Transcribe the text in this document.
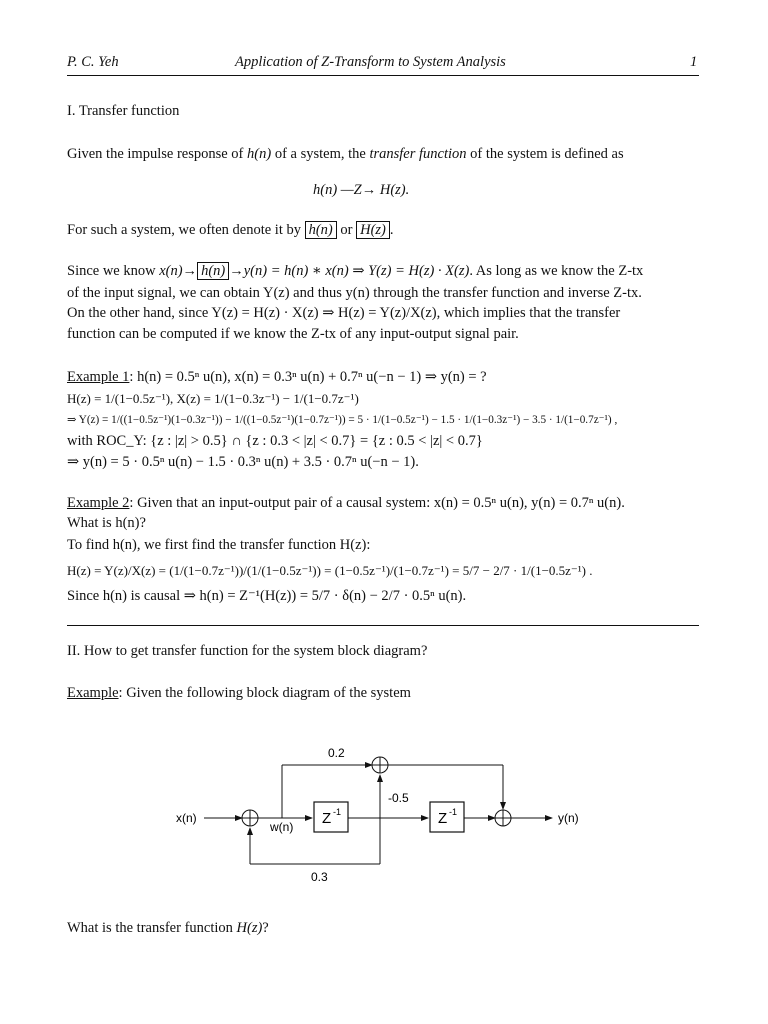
P. C. Yeh	Application of Z-Transform to System Analysis	1
I. Transfer function
Given the impulse response of h(n) of a system, the transfer function of the system is defined as
h(n) —Z→ H(z).
For such a system, we often denote it by h(n) or H(z) .
Since we know x(n)→ h(n) →y(n) = h(n) ∗ x(n) ⇒ Y(z) = H(z) · X(z). As long as we know the Z-tx
of the input signal, we can obtain Y(z) and thus y(n) through the transfer function and inverse Z-tx.
On the other hand, since Y(z) = H(z) · X(z) ⇒ H(z) = Y(z)/X(z), which implies that the transfer
function can be computed if we know the Z-tx of any input-output signal pair.
Example 1: h(n) = 0.5ⁿ u(n), x(n) = 0.3ⁿ u(n) + 0.7ⁿ u(−n − 1) ⇒ y(n) = ?
H(z) = 1/(1−0.5z⁻¹), X(z) = 1/(1−0.3z⁻¹) − 1/(1−0.7z⁻¹)
⇒ Y(z) = 1/((1−0.5z⁻¹)(1−0.3z⁻¹)) − 1/((1−0.5z⁻¹)(1−0.7z⁻¹)) = 5 · 1/(1−0.5z⁻¹) − 1.5 · 1/(1−0.3z⁻¹) − 3.5 · 1/(1−0.7z⁻¹) ,
with ROC_Y: {z : |z| > 0.5} ∩ {z : 0.3 < |z| < 0.7} = {z : 0.5 < |z| < 0.7}
⇒ y(n) = 5 · 0.5ⁿ u(n) − 1.5 · 0.3ⁿ u(n) + 3.5 · 0.7ⁿ u(−n − 1).
Example 2: Given that an input-output pair of a causal system: x(n) = 0.5ⁿ u(n), y(n) = 0.7ⁿ u(n).
What is h(n)?
To find h(n), we first find the transfer function H(z):
H(z) = Y(z)/X(z) = (1/(1−0.7z⁻¹))/(1/(1−0.5z⁻¹)) = (1−0.5z⁻¹)/(1−0.7z⁻¹) = 5/7 − 2/7 · 1/(1−0.5z⁻¹) .
Since h(n) is causal ⇒ h(n) = Z⁻¹(H(z)) = 5/7 · δ(n) − 2/7 · 0.5ⁿ u(n).
II. How to get transfer function for the system block diagram?
Example: Given the following block diagram of the system
x(n)
w(n) Z -1
0.2
-0.5
0.3
Z -1	y(n)
What is the transfer function H(z)?
